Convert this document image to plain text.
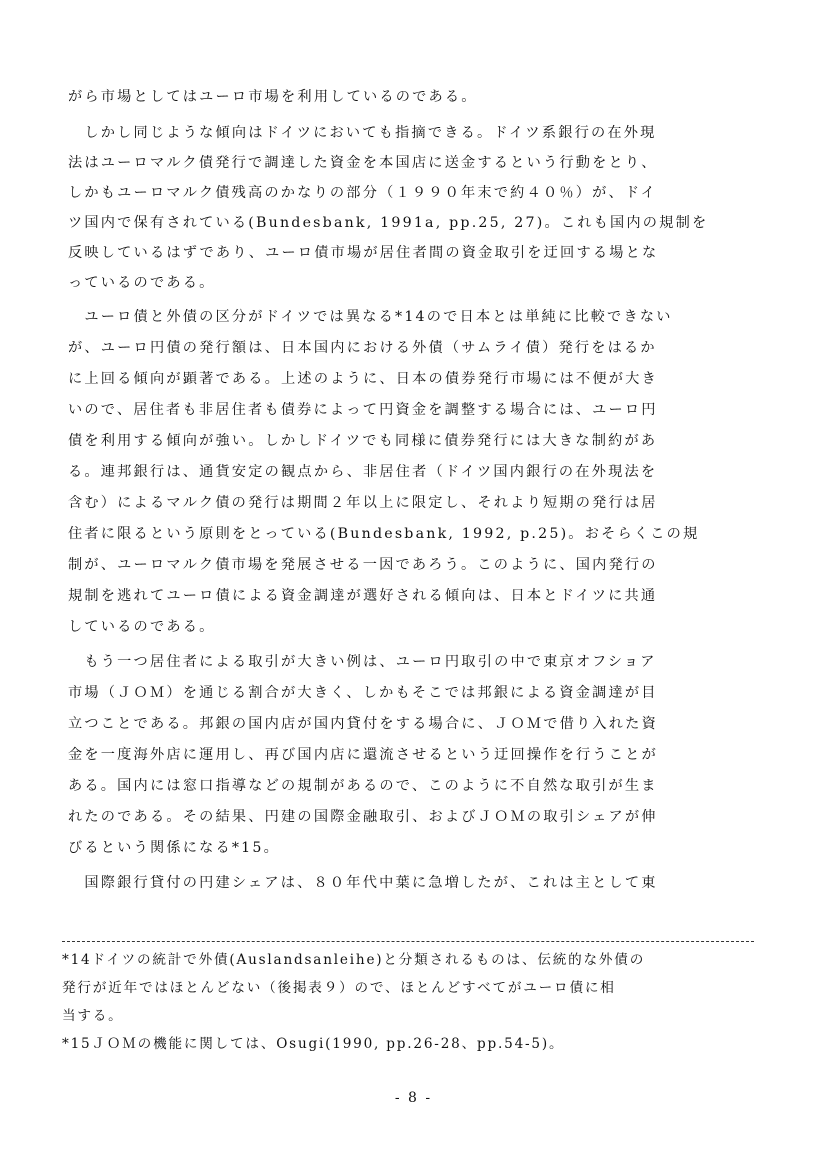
がら市場としてはユーロ市場を利用しているのである。
　しかし同じような傾向はドイツにおいても指摘できる。ドイツ系銀行の在外現
法はユーロマルク債発行で調達した資金を本国店に送金するという行動をとり、
しかもユーロマルク債残高のかなりの部分（１９９０年末で約４０％）が、ドイ
ツ国内で保有されている(Bundesbank, 1991a, pp.25, 27)。これも国内の規制を
反映しているはずであり、ユーロ債市場が居住者間の資金取引を迂回する場とな
っているのである。
　ユーロ債と外債の区分がドイツでは異なる*14ので日本とは単純に比較できない
が、ユーロ円債の発行額は、日本国内における外債（サムライ債）発行をはるか
に上回る傾向が顕著である。上述のように、日本の債券発行市場には不便が大き
いので、居住者も非居住者も債券によって円資金を調整する場合には、ユーロ円
債を利用する傾向が強い。しかしドイツでも同様に債券発行には大きな制約があ
る。連邦銀行は、通貨安定の観点から、非居住者（ドイツ国内銀行の在外現法を
含む）によるマルク債の発行は期間２年以上に限定し、それより短期の発行は居
住者に限るという原則をとっている(Bundesbank, 1992, p.25)。おそらくこの規
制が、ユーロマルク債市場を発展させる一因であろう。このように、国内発行の
規制を逃れてユーロ債による資金調達が選好される傾向は、日本とドイツに共通
しているのである。
　もう一つ居住者による取引が大きい例は、ユーロ円取引の中で東京オフショア
市場（ＪＯＭ）を通じる割合が大きく、しかもそこでは邦銀による資金調達が目
立つことである。邦銀の国内店が国内貸付をする場合に、ＪＯＭで借り入れた資
金を一度海外店に運用し、再び国内店に還流させるという迂回操作を行うことが
ある。国内には窓口指導などの規制があるので、このように不自然な取引が生ま
れたのである。その結果、円建の国際金融取引、およびＪＯＭの取引シェアが伸
びるという関係になる*15。
　国際銀行貸付の円建シェアは、８０年代中葉に急増したが、これは主として東
*14ドイツの統計で外債(Auslandsanleihe)と分類されるものは、伝統的な外債の
発行が近年ではほとんどない（後掲表９）ので、ほとんどすべてがユーロ債に相
当する。
*15ＪＯＭの機能に関しては、Osugi(1990, pp.26-28、pp.54-5)。
- 8 -
